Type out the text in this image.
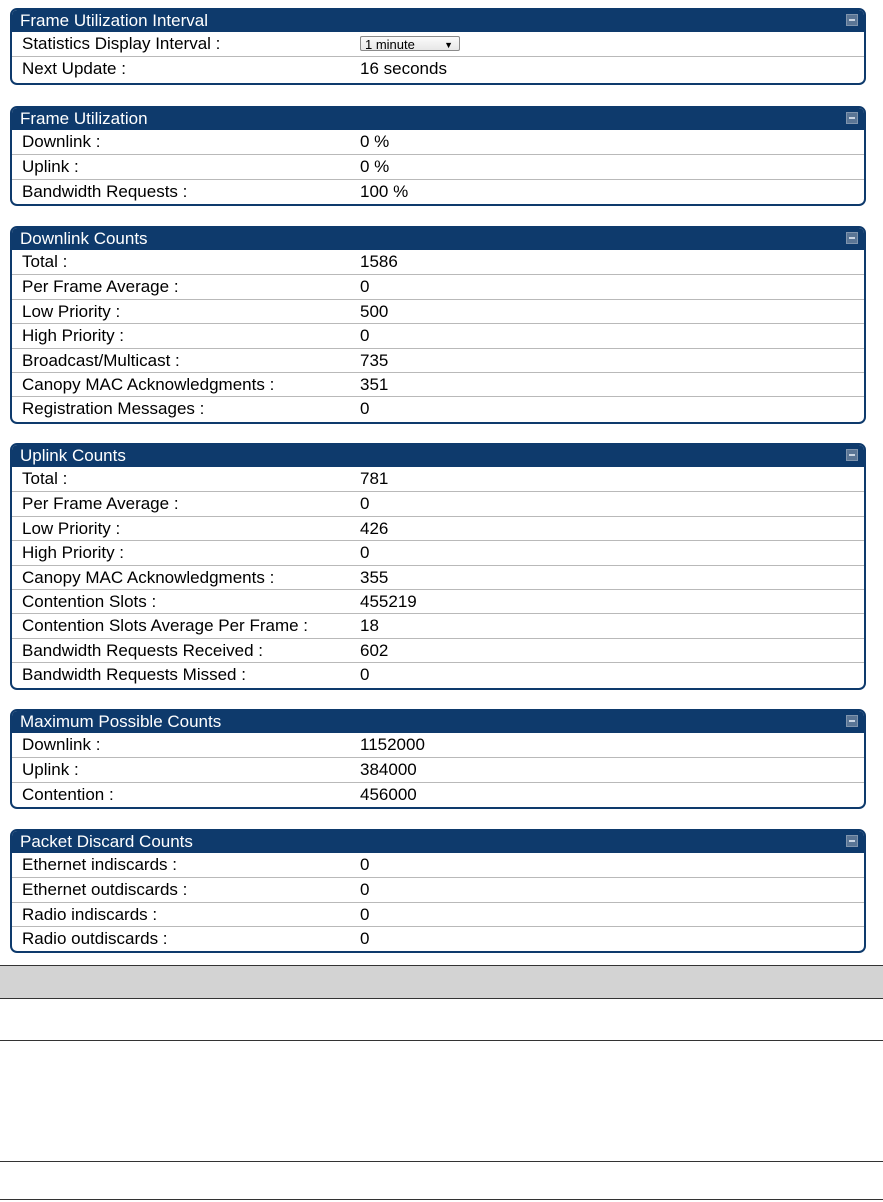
Frame Utilization Interval
Statistics Display Interval :	1 minute	▼
Next Update :	16 seconds
Frame Utilization
Downlink :	0 %
Uplink :	0 %
Bandwidth Requests :	100 %
Downlink Counts
Total :	1586
Per Frame Average :	0
Low Priority :	500
High Priority :	0
Broadcast/Multicast :	735
Canopy MAC Acknowledgments :	351
Registration Messages :	0
Uplink Counts
Total :	781
Per Frame Average :	0
Low Priority :	426
High Priority :	0
Canopy MAC Acknowledgments :	355
Contention Slots :	455219
Contention Slots Average Per Frame :	18
Bandwidth Requests Received :	602
Bandwidth Requests Missed :	0
Maximum Possible Counts
Downlink :	1152000
Uplink :	384000
Contention :	456000
Packet Discard Counts
Ethernet indiscards :	0
Ethernet outdiscards :	0
Radio indiscards :	0
Radio outdiscards :	0
